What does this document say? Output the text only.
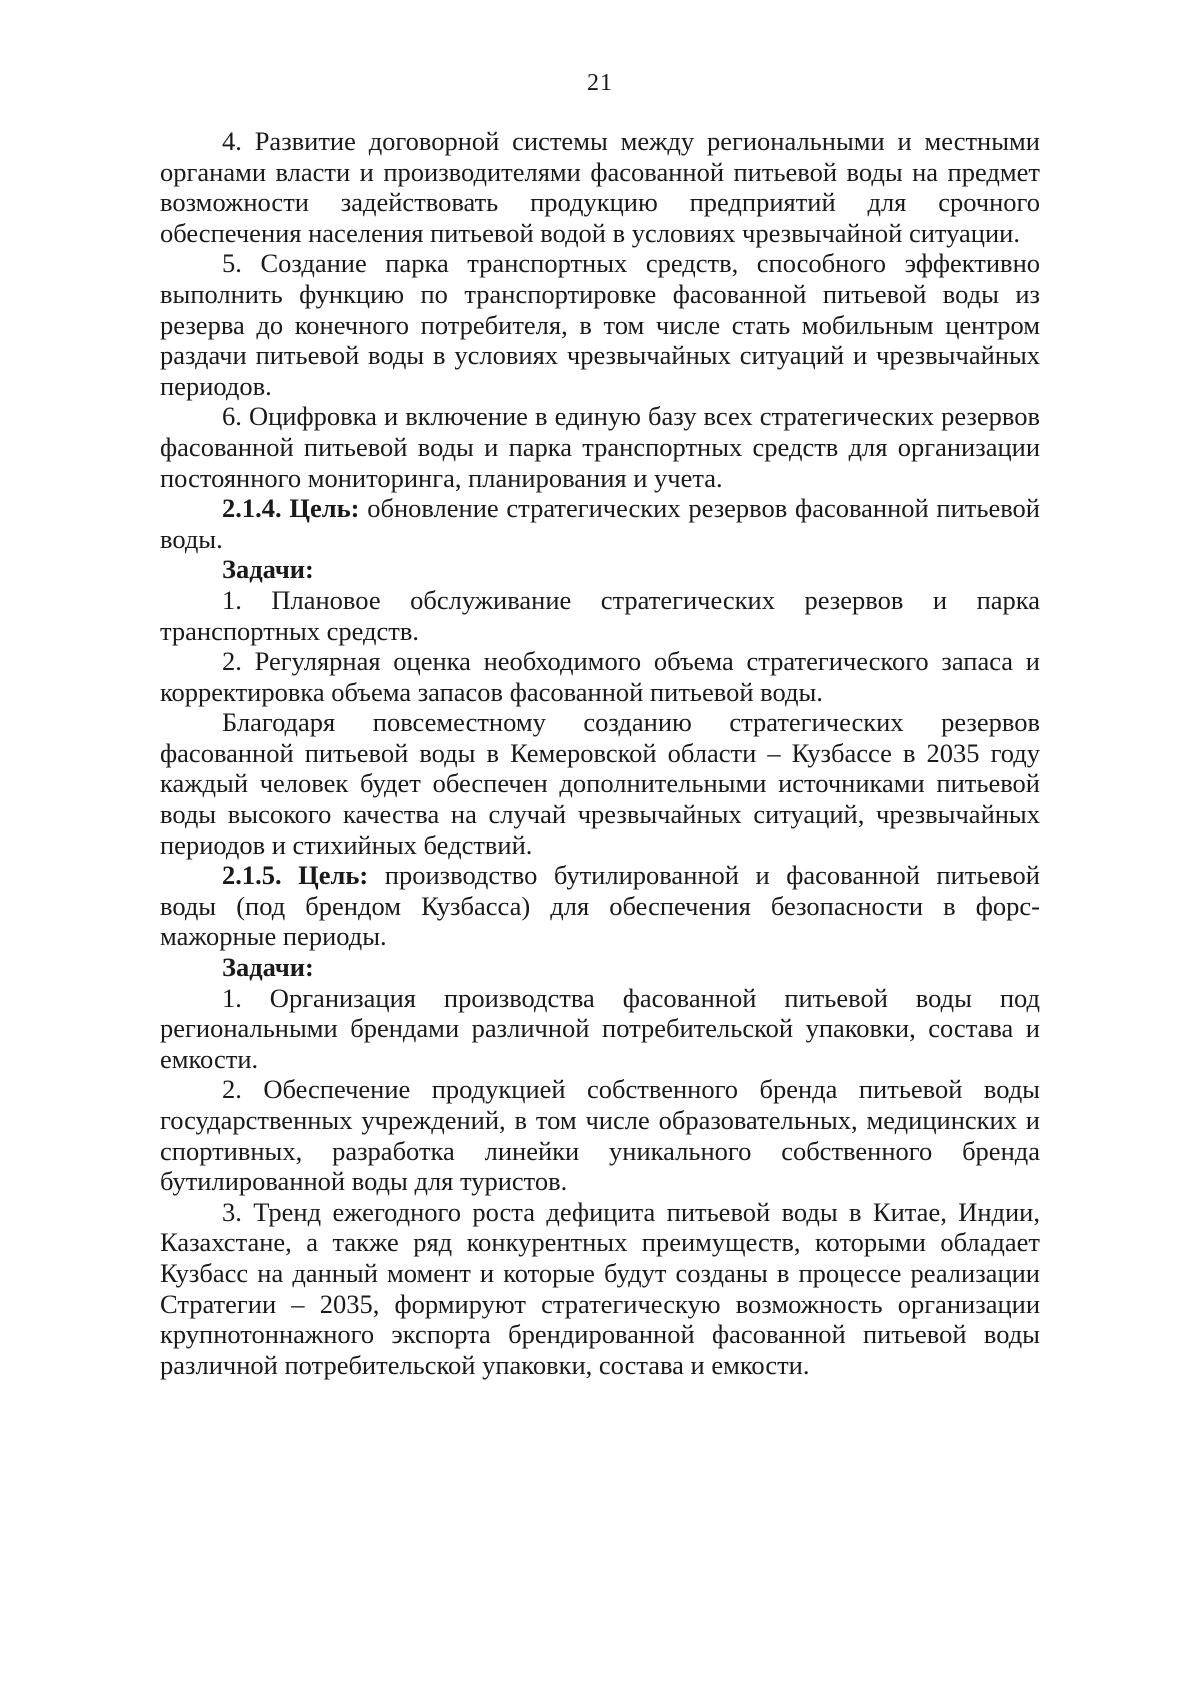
21

4. Развитие договорной системы между региональными и местными органами власти и производителями фасованной питьевой воды на предмет возможности задействовать продукцию предприятий для срочного обеспечения населения питьевой водой в условиях чрезвычайной ситуации.

5. Создание парка транспортных средств, способного эффективно выполнить функцию по транспортировке фасованной питьевой воды из резерва до конечного потребителя, в том числе стать мобильным центром раздачи питьевой воды в условиях чрезвычайных ситуаций и чрезвычайных периодов.

6. Оцифровка и включение в единую базу всех стратегических резервов фасованной питьевой воды и парка транспортных средств для организации постоянного мониторинга, планирования и учета.

2.1.4. Цель: обновление стратегических резервов фасованной питьевой воды.

Задачи:

1. Плановое обслуживание стратегических резервов и парка транспортных средств.

2. Регулярная оценка необходимого объема стратегического запаса и корректировка объема запасов фасованной питьевой воды.

Благодаря повсеместному созданию стратегических резервов фасованной питьевой воды в Кемеровской области – Кузбассе в 2035 году каждый человек будет обеспечен дополнительными источниками питьевой воды высокого качества на случай чрезвычайных ситуаций, чрезвычайных периодов и стихийных бедствий.

2.1.5. Цель: производство бутилированной и фасованной питьевой воды (под брендом Кузбасса) для обеспечения безопасности в форс-мажорные периоды.

Задачи:

1. Организация производства фасованной питьевой воды под региональными брендами различной потребительской упаковки, состава и емкости.

2. Обеспечение продукцией собственного бренда питьевой воды государственных учреждений, в том числе образовательных, медицинских и спортивных, разработка линейки уникального собственного бренда бутилированной воды для туристов.

3. Тренд ежегодного роста дефицита питьевой воды в Китае, Индии, Казахстане, а также ряд конкурентных преимуществ, которыми обладает Кузбасс на данный момент и которые будут созданы в процессе реализации Стратегии – 2035, формируют стратегическую возможность организации крупнотоннажного экспорта брендированной фасованной питьевой воды различной потребительской упаковки, состава и емкости.
